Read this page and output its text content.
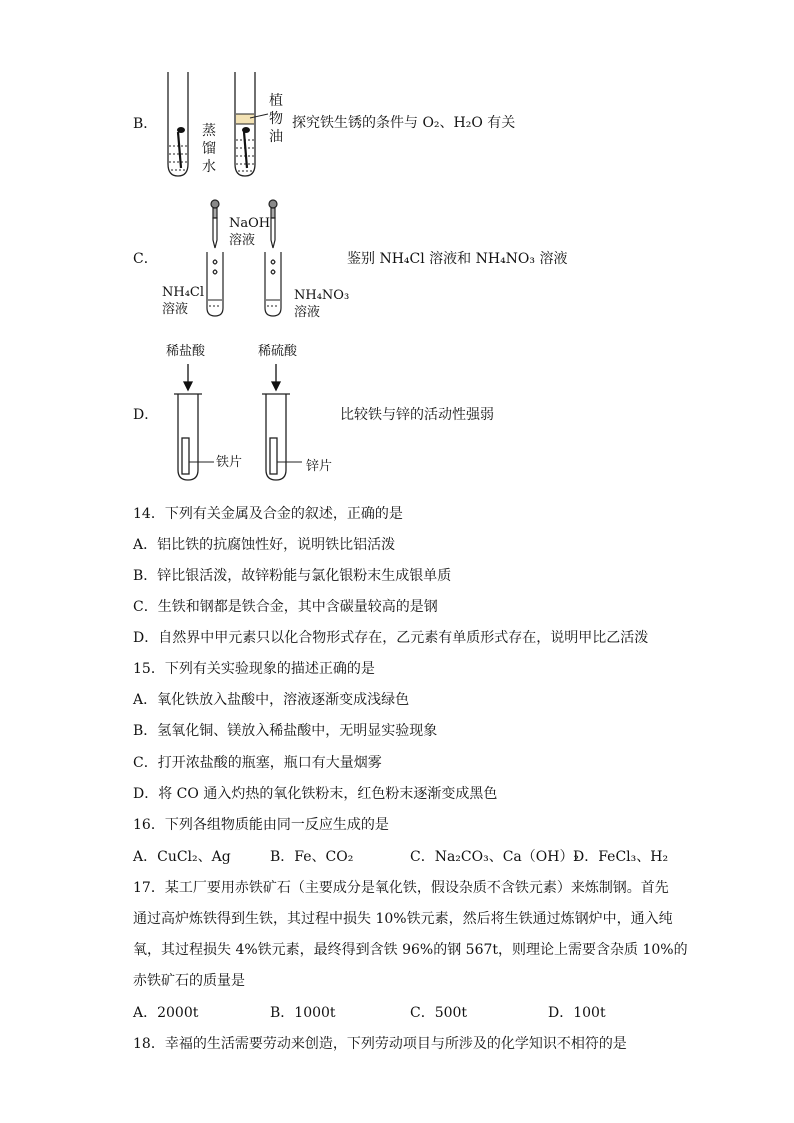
B．	蒸馏水
植物油
探究铁生锈的条件与 O₂、H₂O 有关
C．
NaOH
溶液
NH₄Cl
溶液
NH₄NO₃
溶液
鉴别 NH₄Cl 溶液和 NH₄NO₃ 溶液
D．
稀盐酸	稀硫酸
铁片	锌片
比较铁与锌的活动性强弱
14．下列有关金属及合金的叙述，正确的是
A．铝比铁的抗腐蚀性好，说明铁比铝活泼
B．锌比银活泼，故锌粉能与氯化银粉末生成银单质
C．生铁和钢都是铁合金，其中含碳量较高的是钢
D．自然界中甲元素只以化合物形式存在，乙元素有单质形式存在，说明甲比乙活泼
15．下列有关实验现象的描述正确的是
A．氧化铁放入盐酸中，溶液逐渐变成浅绿色
B．氢氧化铜、镁放入稀盐酸中，无明显实验现象
C．打开浓盐酸的瓶塞，瓶口有大量烟雾
D．将 CO 通入灼热的氧化铁粉末，红色粉末逐渐变成黑色
16．下列各组物质能由同一反应生成的是
A．CuCl₂、Ag	B．Fe、CO₂	C．Na₂CO₃、Ca（OH）₂
D．FeCl₃、H₂
17．某工厂要用赤铁矿石（主要成分是氧化铁，假设杂质不含铁元素）来炼制钢。首先
通过高炉炼铁得到生铁，其过程中损失 10%铁元素，然后将生铁通过炼钢炉中，通入纯
氧，其过程损失 4%铁元素，最终得到含铁 96%的钢 567t，则理论上需要含杂质 10%的
赤铁矿石的质量是
A．2000t	B．1000t	C．500t	D．100t
18．幸福的生活需要劳动来创造，下列劳动项目与所涉及的化学知识不相符的是
